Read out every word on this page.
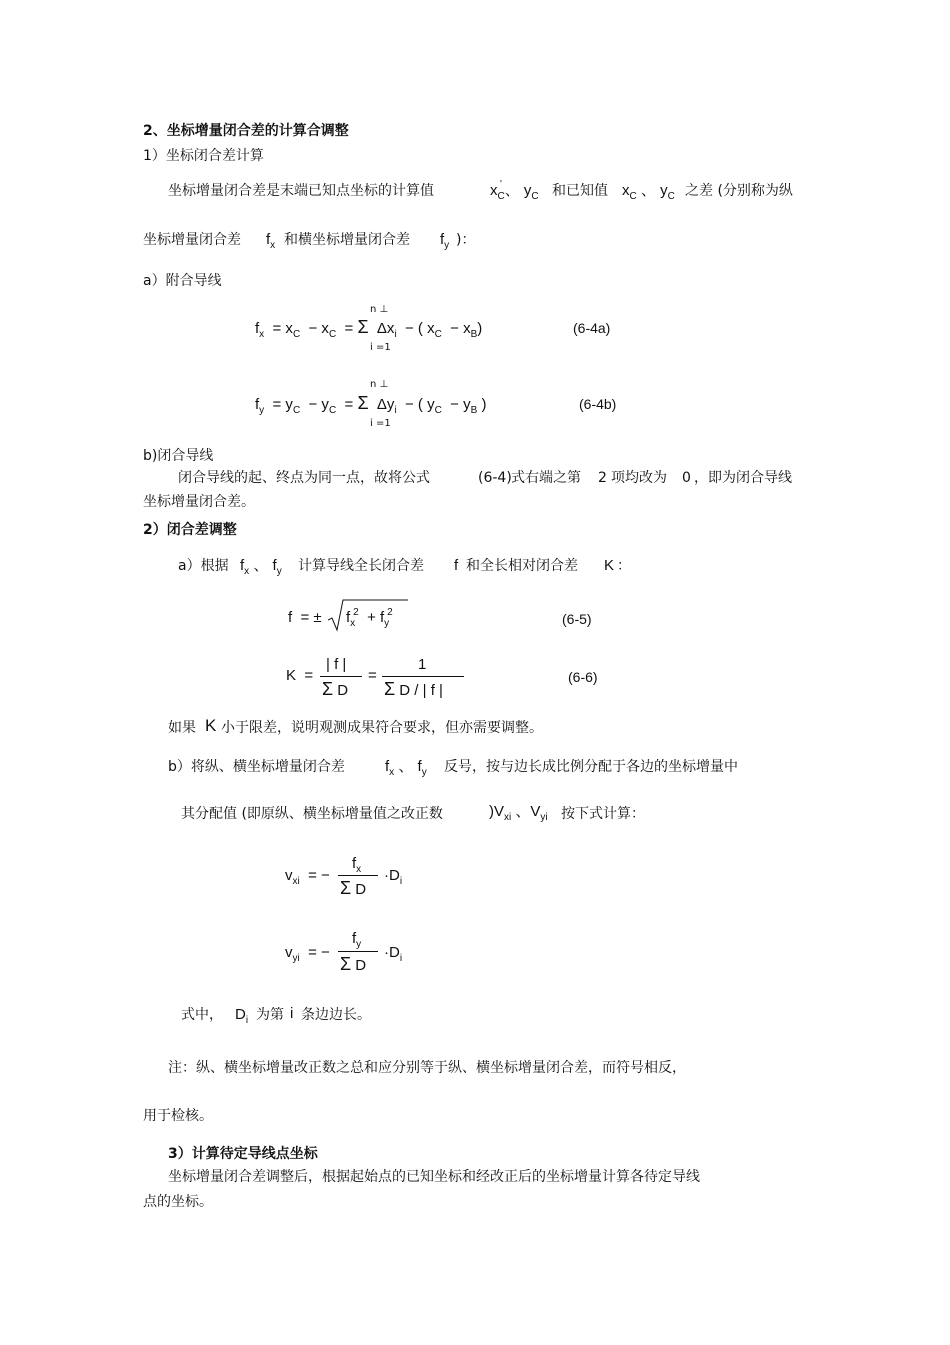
2、坐标增量闭合差的计算合调整
1）坐标闭合差计算
坐标增量闭合差是末端已知点坐标的计算值	$x_C$
' 、 $y_C$ 和已知值 $x_C$ 、 $y_C$ 之差 (分别称为纵
坐标增量闭合差 $f_x$ 和横坐标增量闭合差 $f_y$ )：
a）附合导线
$f_x = x_C - x_C = \Sigma$  $\Delta x_i$  − ( $x_C - x_B$)
n ⊥
i =1
(6-4a)
$f_y = y_C - y_C = \Sigma$  $\Delta y_i$  − ( $y_C - y_B$ )
n ⊥
i =1
(6-4b)
b)闭合导线
闭合导线的起、终点为同一点，故将公式	(6-4) 式右端之第 2 项均改为 0 ，即为闭合导线
坐标增量闭合差。
2）闭合差调整
a）根据 $f_x$ 、 $f_y$ 计算导线全长闭合差 f 和全长相对闭合差 K ：
f  = ± $f_x^2 + f_y^2$	(6-5)
K  =
| f |
Σ D
=
1
Σ D / | f |
(6-6)
如果 K 小于限差，说明观测成果符合要求，但亦需要调整。
b）将纵、横坐标增量闭合差	$f_x$ 、 $f_y$ 反号，按与边长成比例分配于各边的坐标增量中
其分配值 (即原纵、横坐标增量值之改正数	)$V_{xi}$ 、$V_{yi}$ 按下式计算：
$v_{xi}$  = −
$f_x$
Σ D
$\cdot D_i$
$v_{yi}$  = −
$f_y$
Σ D
$\cdot D_i$
式中， $D_i$ 为第 i 条边边长。
注：纵、横坐标增量改正数之总和应分别等于纵、横坐标增量闭合差，而符号相反，
用于检核。
3）计算待定导线点坐标
坐标增量闭合差调整后，根据起始点的已知坐标和经改正后的坐标增量计算各待定导线
点的坐标。
